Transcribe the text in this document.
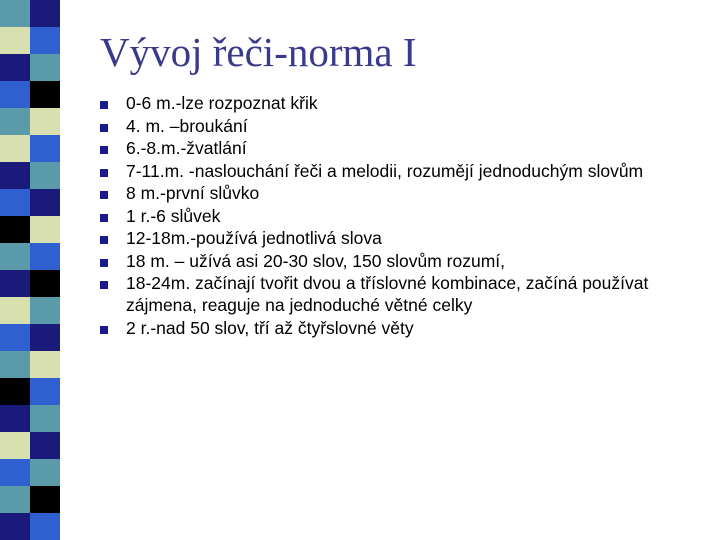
Vývoj řeči-norma I
0-6 m.-lze rozpoznat křik
4. m. –broukání
6.-8.m.-žvatlání
7-11.m. -naslouchání řeči a melodii, rozumějí jednoduchým slovům
8 m.-první slůvko
1 r.-6 slůvek
12-18m.-používá jednotlivá slova
18 m. – užívá asi 20-30 slov, 150 slovům rozumí,
18-24m. začínají tvořit dvou a tříslovné kombinace, začíná používat zájmena, reaguje na jednoduché větné celky
2 r.-nad 50 slov, tří až čtyřslovné věty
